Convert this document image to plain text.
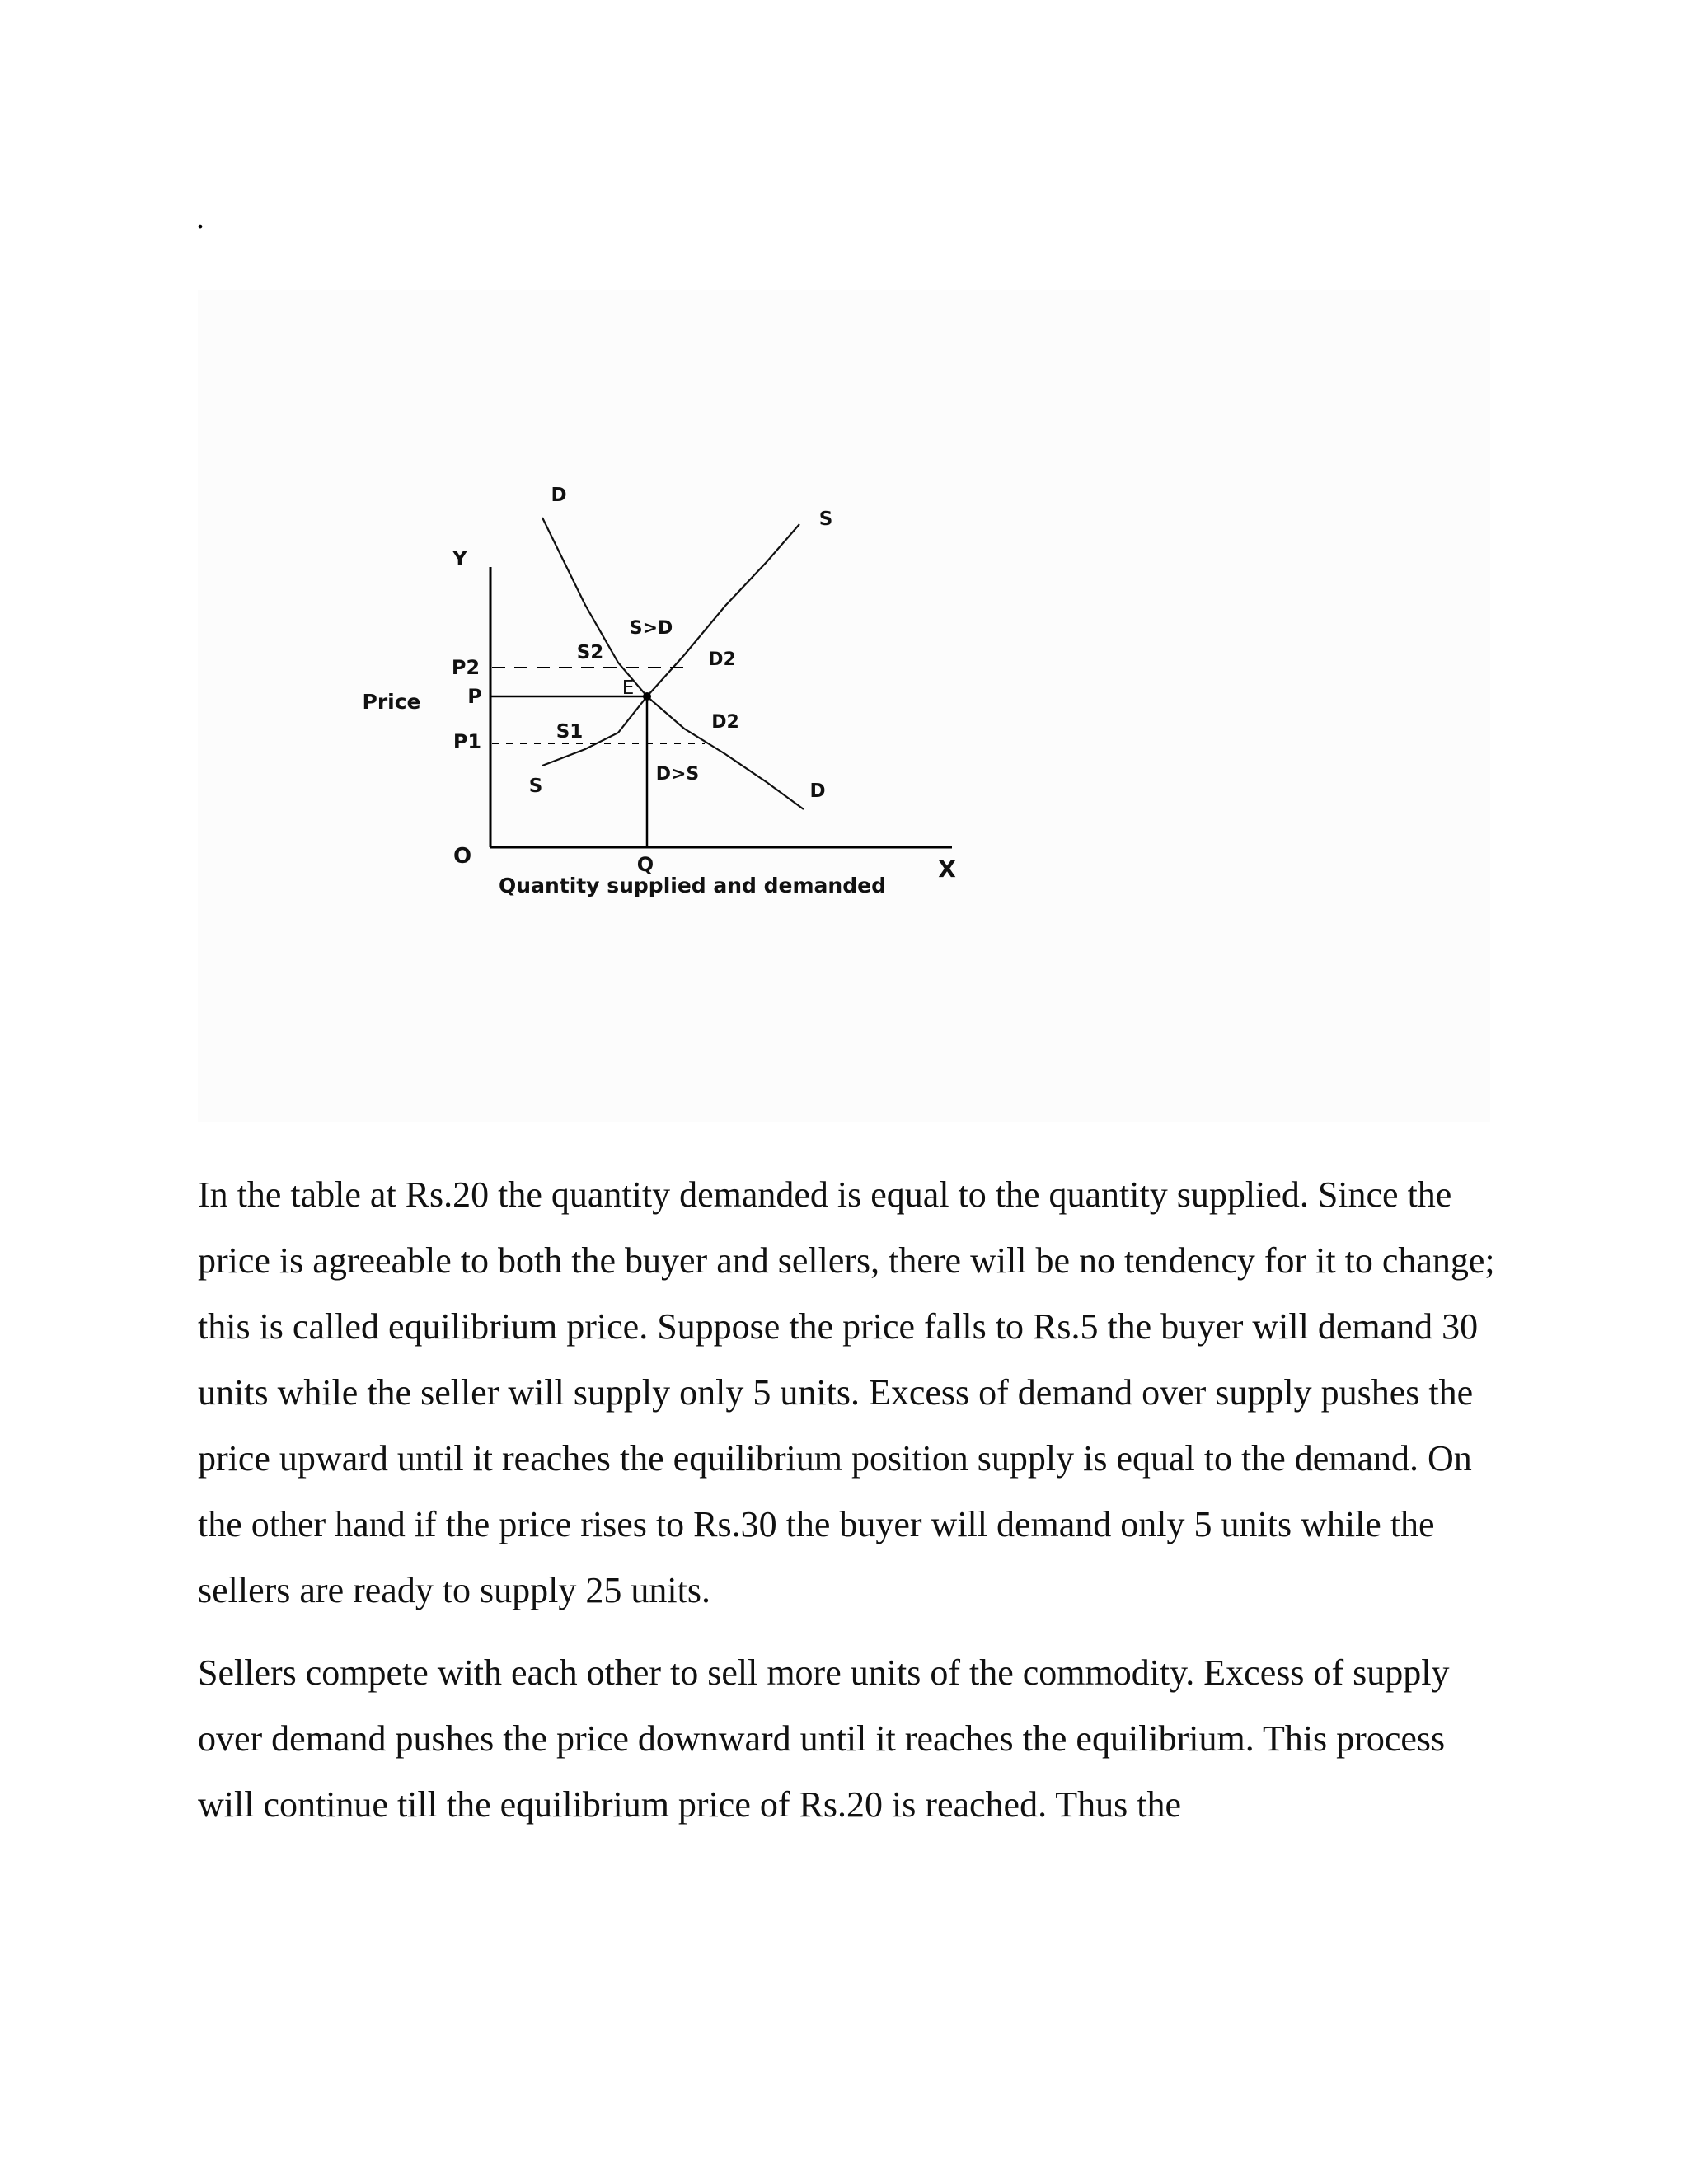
.
Y
X
O
Price
P2
P
P1
Q
Quantity supplied and demanded
D
D
S
S
S>D
D>S
S2
S1
D2
D2
E

In the table at Rs.20 the quantity demanded is equal to the quantity supplied. Since the price is agreeable to both the buyer and sellers, there will be no tendency for it to change; this is called equilibrium price. Suppose the price falls to Rs.5 the buyer will demand 30 units while the seller will supply only 5 units. Excess of demand over supply pushes the price upward until it reaches the equilibrium position supply is equal to the demand. On the other hand if the price rises to Rs.30 the buyer will demand only 5 units while the sellers are ready to supply 25 units.

Sellers compete with each other to sell more units of the commodity. Excess of supply over demand pushes the price downward until it reaches the equilibrium. This process will continue till the equilibrium price of Rs.20 is reached. Thus the
